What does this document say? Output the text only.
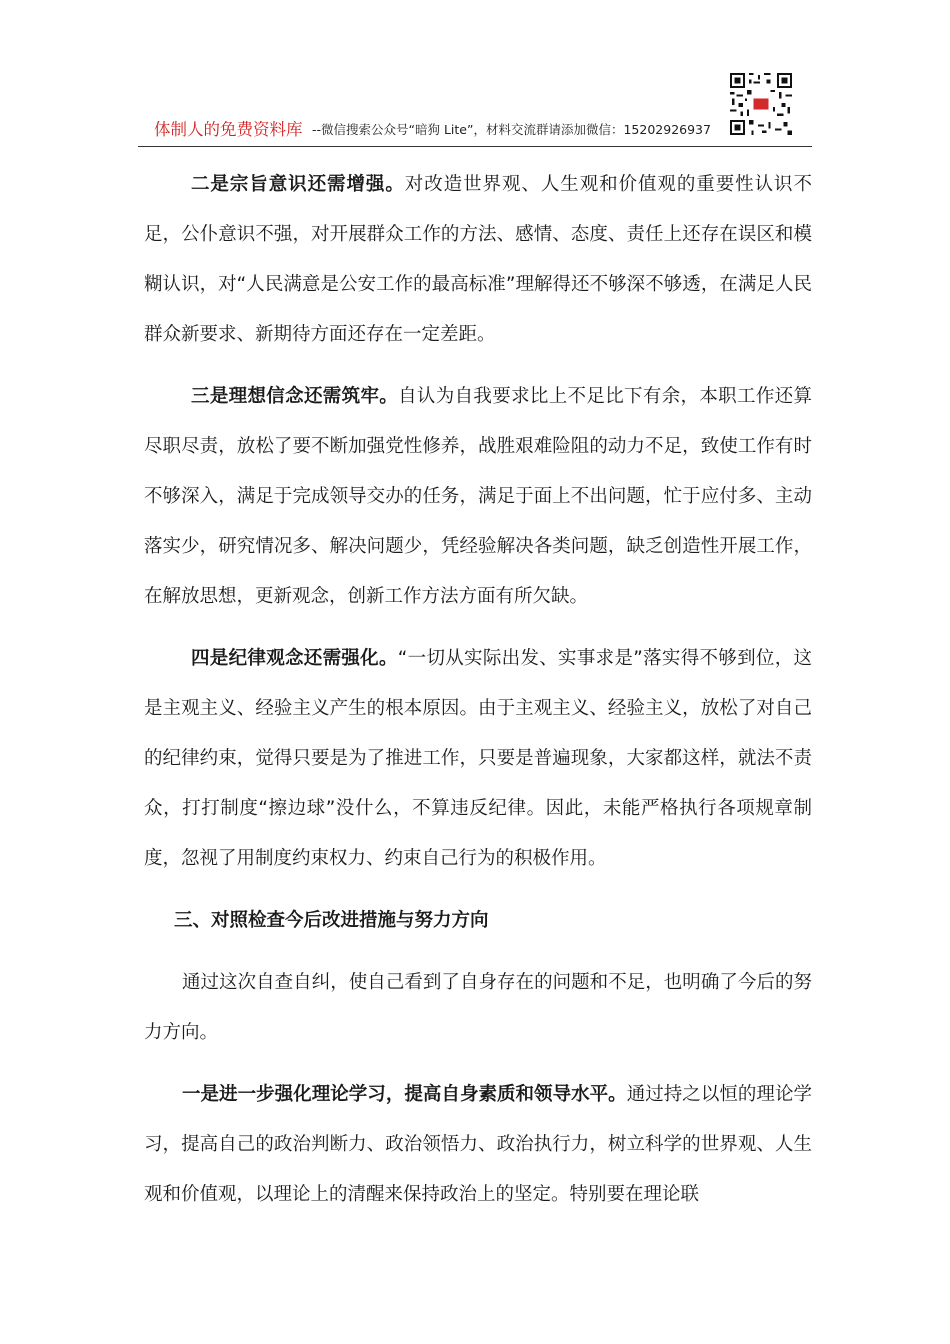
体制人的免费资料库 --微信搜索公众号“暗狗 Lite”，材料交流群请添加微信：15202926937

二是宗旨意识还需增强。对改造世界观、人生观和价值观的重要性认识不足，公仆意识不强，对开展群众工作的方法、感情、态度、责任上还存在误区和模糊认识，对“人民满意是公安工作的最高标准”理解得还不够深不够透，在满足人民群众新要求、新期待方面还存在一定差距。

三是理想信念还需筑牢。自认为自我要求比上不足比下有余，本职工作还算尽职尽责，放松了要不断加强党性修养，战胜艰难险阻的动力不足，致使工作有时不够深入，满足于完成领导交办的任务，满足于面上不出问题，忙于应付多、主动落实少，研究情况多、解决问题少，凭经验解决各类问题，缺乏创造性开展工作，在解放思想，更新观念，创新工作方法方面有所欠缺。

四是纪律观念还需强化。“一切从实际出发、实事求是”落实得不够到位，这是主观主义、经验主义产生的根本原因。由于主观主义、经验主义，放松了对自己的纪律约束，觉得只要是为了推进工作，只要是普遍现象，大家都这样，就法不责众，打打制度“擦边球”没什么，不算违反纪律。因此，未能严格执行各项规章制度，忽视了用制度约束权力、约束自己行为的积极作用。

三、对照检查今后改进措施与努力方向

通过这次自查自纠，使自己看到了自身存在的问题和不足，也明确了今后的努力方向。

一是进一步强化理论学习，提高自身素质和领导水平。通过持之以恒的理论学习，提高自己的政治判断力、政治领悟力、政治执行力，树立科学的世界观、人生观和价值观，以理论上的清醒来保持政治上的坚定。特别要在理论联
